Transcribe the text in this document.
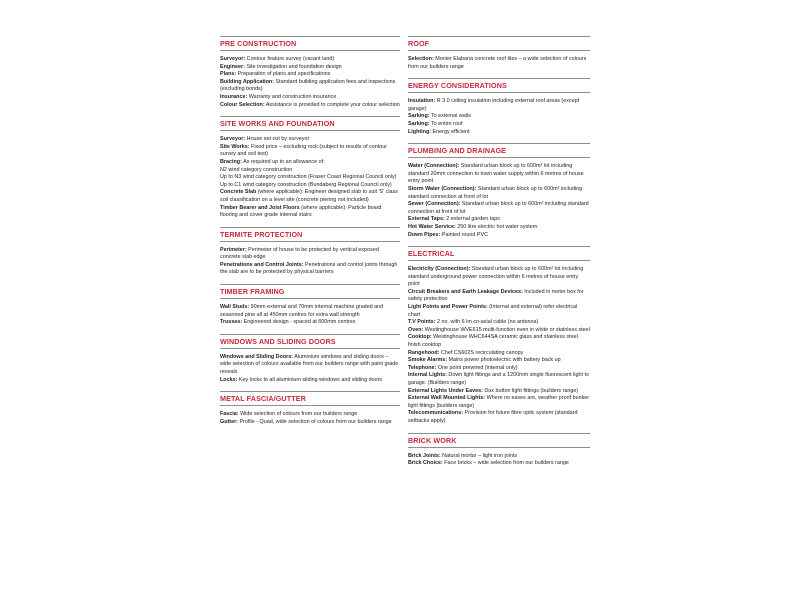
PRE CONSTRUCTION

Surveyor: Contour feature survey (vacant land)

Engineer: Site investigation and foundation design

Plans: Preparation of plans and specifications

Building Application: Standard building application fees and inspections (excluding bonds)

Insurance: Warranty and construction insurance

Colour Selection: Assistance is provided to complete your colour selection

SITE WORKS AND FOUNDATION

Surveyor: House set out by surveyor

Site Works: Fixed price – excluding rock (subject to results of contour survey and soil test)

Bracing: As required up to an allowance of:

N2 wind category construction

Up to N3 wind category construction (Fraser Coast Regional Council only)

Up to C1 wind category construction (Bundaberg Regional Council only)

Concrete Slab (where applicable): Engineer designed slab to suit 'S' class soil classification on a level site (concrete piering not included)

Timber Bearer and Joist Floors (where applicable): Particle board flooring and cover grade internal stairs

TERMITE PROTECTION

Perimeter: Perimeter of house to be protected by vertical exposed concrete slab edge

Penetrations and Control Joints: Penetrations and control joints through the slab are to be protected by physical barriers

TIMBER FRAMING

Wall Studs: 90mm external and 70mm internal machine graded and seasoned pine all at 450mm centres for extra wall strength

Trusses: Engineered design - spaced at 600mm centres

WINDOWS AND SLIDING DOORS

Windows and Sliding Doors: Aluminium windows and sliding doors – wide selection of colours available from our builders range with paint grade reveals

Locks: Key locks to all aluminium sliding windows and sliding doors

METAL FASCIA/GUTTER

Fascia: Wide selection of colours from our builders range

Gutter: Profile - Quad, wide selection of colours from our builders range

ROOF

Selection: Monier Elabana concrete roof tiles – a wide selection of colours from our builders range

ENERGY CONSIDERATIONS

Insulation: R 3.0 ceiling insulation including external roof areas (except garage)

Sarking: To external walls

Sarking: To entire roof

Lighting: Energy efficient

PLUMBING AND DRAINAGE

Water (Connection): Standard urban block up to 600m² lot including standard 20mm connection to town water supply within 6 metres of house entry point

Storm Water (Connection): Standard urban block up to 600m² including standard connection at front of lot

Sewer (Connection): Standard urban block up to 600m² including standard connection at front of lot

External Taps: 2 external garden taps

Hot Water Service: 250 litre electric hot water system

Down Pipes: Painted round PVC

ELECTRICAL

Electricity (Connection): Standard urban block up to 600m² lot including standard underground power connection within 6 metres of house entry point

Circuit Breakers and Earth Leakage Devices: Included in meter box for safety protection

Light Points and Power Points: (Internal and external) refer electrical chart

T.V Points: 2 no. with 6 lm co-axial cable (no antenna)

Oven: Westinghouse WVE615 multi-function oven in white or stainless steel

Cooktop: Westinghouse WHC644SA ceramic glass and stainless steel finish cooktop

Rangehood: Chef CS602S recirculating canopy

Smoke Alarms: Mains power photoelectric with battery back up

Telephone: One point prewired (internal only)

Internal Lights: Down light fittings and a 1200mm single fluorescent light to garage. (Builders range)

External Lights Under Eaves: Dux button light fittings (builders range)

External Wall Mounted Lights: Where no eaves are, weather proof bunker light fittings (builders range)

Telecommunications: Provision for future fibre optic system (standard setbacks apply)

BRICK WORK

Brick Joints: Natural mortar – light iron joints

Brick Choice: Face bricks – wide selection from our builders range
